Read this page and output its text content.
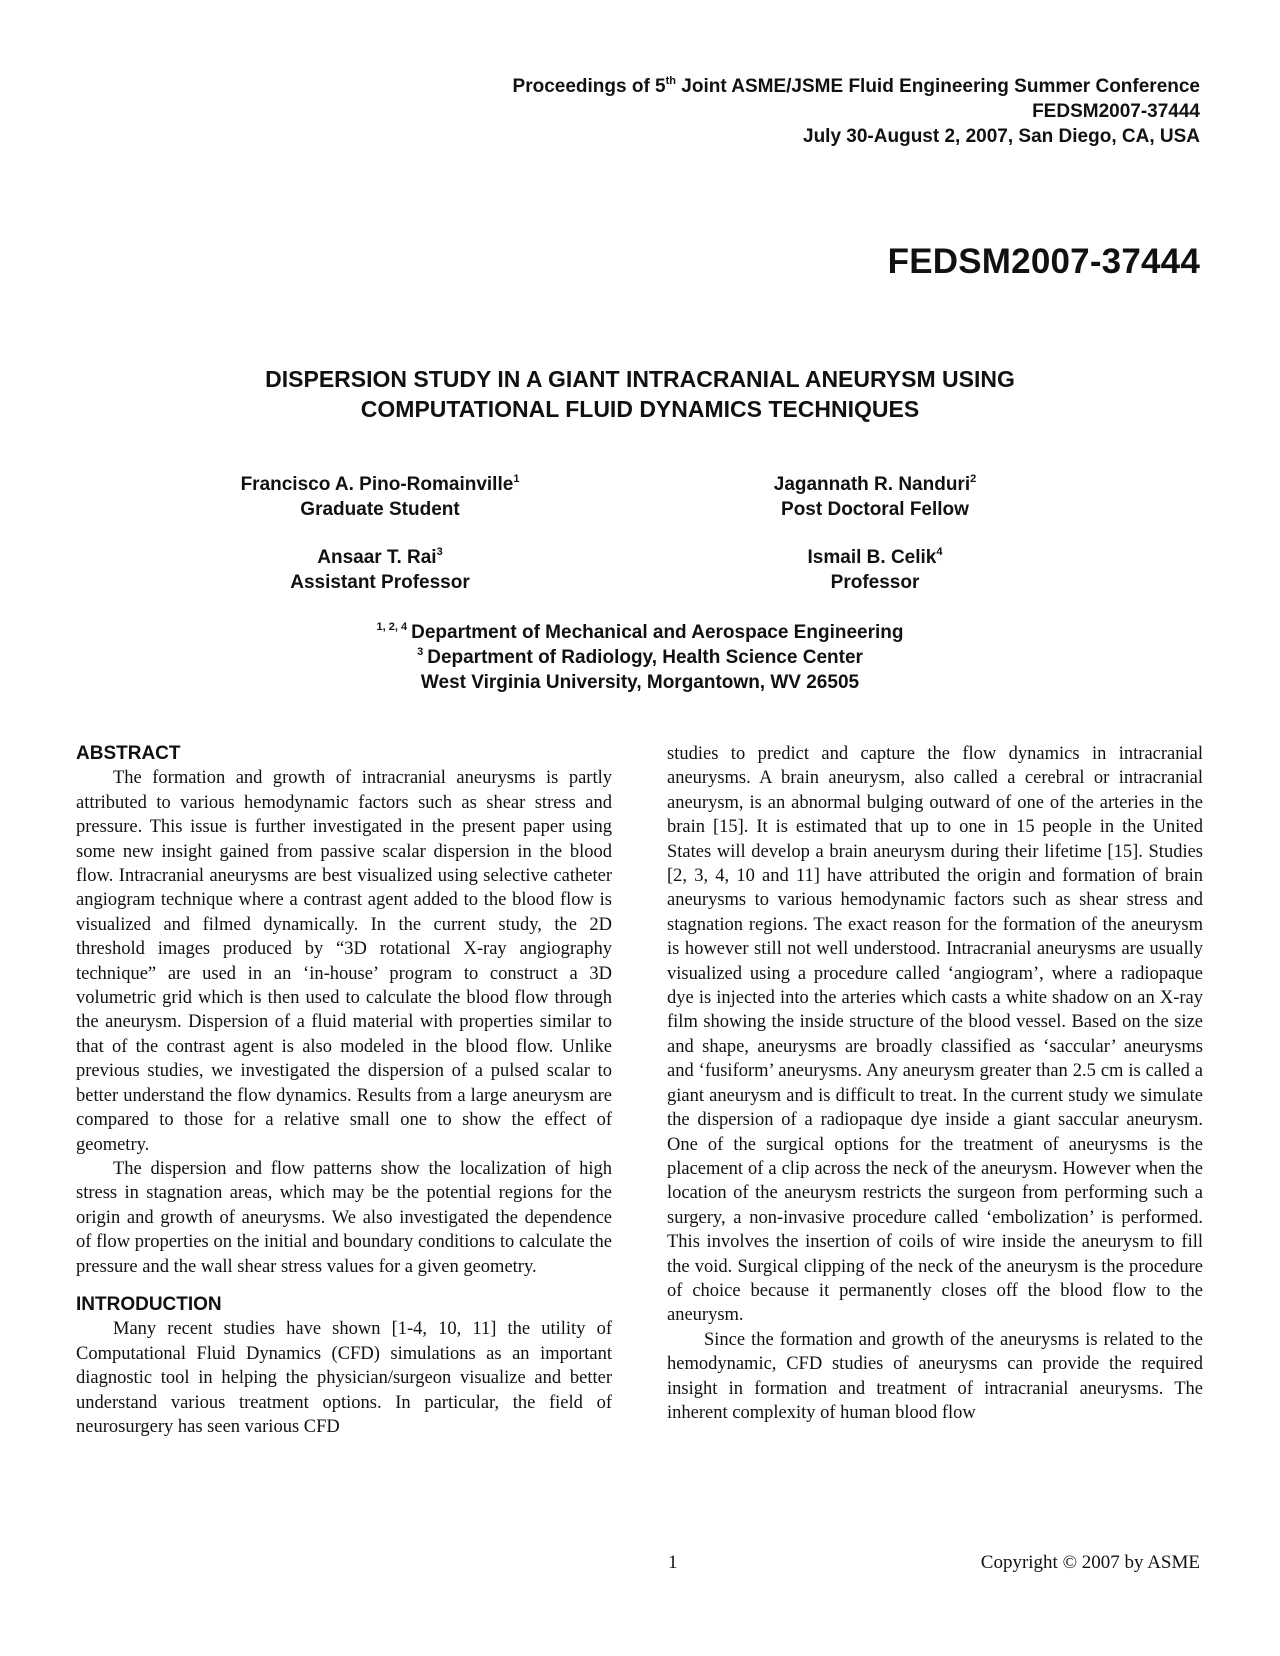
Proceedings of 5th Joint ASME/JSME Fluid Engineering Summer Conference
FEDSM2007-37444
July 30-August 2, 2007, San Diego, CA, USA
FEDSM2007-37444
DISPERSION STUDY IN A GIANT INTRACRANIAL ANEURYSM USING
COMPUTATIONAL FLUID DYNAMICS TECHNIQUES
Francisco A. Pino-Romainville$^1$
Graduate Student
Jagannath R. Nanduri$^2$
Post Doctoral Fellow
Ansaar T. Rai$^3$
Assistant Professor
Ismail B. Celik$^4$
Professor
$^{1, 2, 4}$ Department of Mechanical and Aerospace Engineering
$^3$ Department of Radiology, Health Science Center
West Virginia University, Morgantown, WV 26505
ABSTRACT

The formation and growth of intracranial aneurysms is partly attributed to various hemodynamic factors such as shear stress and pressure. This issue is further investigated in the present paper using some new insight gained from passive scalar dispersion in the blood flow. Intracranial aneurysms are best visualized using selective catheter angiogram technique where a contrast agent added to the blood flow is visualized and filmed dynamically. In the current study, the 2D threshold images produced by “3D rotational X-ray angiography technique” are used in an ‘in-house’ program to construct a 3D volumetric grid which is then used to calculate the blood flow through the aneurysm. Dispersion of a fluid material with properties similar to that of the contrast agent is also modeled in the blood flow. Unlike previous studies, we investigated the dispersion of a pulsed scalar to better understand the flow dynamics. Results from a large aneurysm are compared to those for a relative small one to show the effect of geometry.

The dispersion and flow patterns show the localization of high stress in stagnation areas, which may be the potential regions for the origin and growth of aneurysms. We also investigated the dependence of flow properties on the initial and boundary conditions to calculate the pressure and the wall shear stress values for a given geometry.

INTRODUCTION

Many recent studies have shown [1-4, 10, 11] the utility of Computational Fluid Dynamics (CFD) simulations as an important diagnostic tool in helping the physician/surgeon visualize and better understand various treatment options. In particular, the field of neurosurgery has seen various CFD

studies to predict and capture the flow dynamics in intracranial aneurysms. A brain aneurysm, also called a cerebral or intracranial aneurysm, is an abnormal bulging outward of one of the arteries in the brain [15]. It is estimated that up to one in 15 people in the United States will develop a brain aneurysm during their lifetime [15]. Studies [2, 3, 4, 10 and 11] have attributed the origin and formation of brain aneurysms to various hemodynamic factors such as shear stress and stagnation regions. The exact reason for the formation of the aneurysm is however still not well understood. Intracranial aneurysms are usually visualized using a procedure called ‘angiogram’, where a radiopaque dye is injected into the arteries which casts a white shadow on an X-ray film showing the inside structure of the blood vessel. Based on the size and shape, aneurysms are broadly classified as ‘saccular’ aneurysms and ‘fusiform’ aneurysms. Any aneurysm greater than 2.5 cm is called a giant aneurysm and is difficult to treat. In the current study we simulate the dispersion of a radiopaque dye inside a giant saccular aneurysm. One of the surgical options for the treatment of aneurysms is the placement of a clip across the neck of the aneurysm. However when the location of the aneurysm restricts the surgeon from performing such a surgery, a non-invasive procedure called ‘embolization’ is performed. This involves the insertion of coils of wire inside the aneurysm to fill the void. Surgical clipping of the neck of the aneurysm is the procedure of choice because it permanently closes off the blood flow to the aneurysm.

Since the formation and growth of the aneurysms is related to the hemodynamic, CFD studies of aneurysms can provide the required insight in formation and treatment of intracranial aneurysms. The inherent complexity of human blood flow

1	Copyright © 2007 by ASME
